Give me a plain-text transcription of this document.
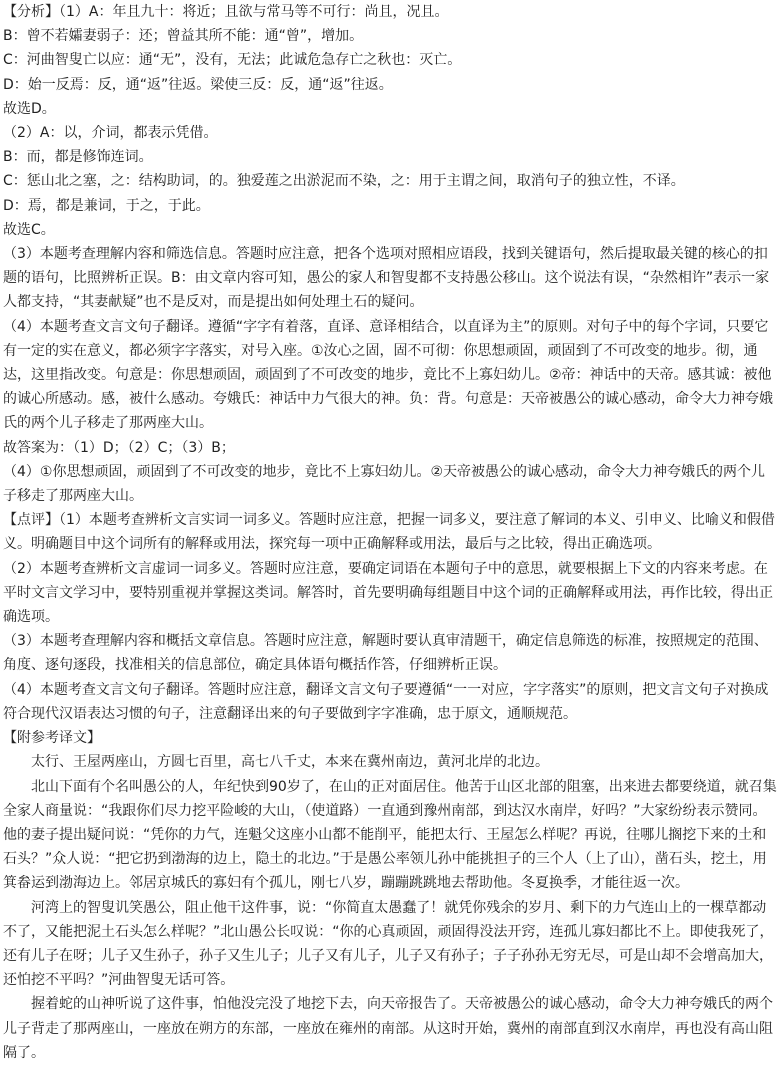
【分析】（1）A：年且九十：将近；且欲与常马等不可行：尚且，况且。
B：曾不若孀妻弱子：还；曾益其所不能：通“曾”，增加。
C：河曲智叟亡以应：通“无”，没有，无法；此诚危急存亡之秋也：灭亡。
D：始一反焉：反，通“返”往返。梁使三反：反，通“返”往返。
故选D。
（2）A：以，介词，都表示凭借。
B：而，都是修饰连词。
C：惩山北之塞，之：结构助词，的。独爱莲之出淤泥而不染，之：用于主谓之间，取消句子的独立性，不译。
D：焉，都是兼词，于之，于此。
故选C。
（3）本题考查理解内容和筛选信息。答题时应注意，把各个选项对照相应语段，找到关键语句，然后提取最关键的核心的扣题的语句，比照辨析正误。B：由文章内容可知，愚公的家人和智叟都不支持愚公移山。这个说法有误，“杂然相许”表示一家人都支持，“其妻献疑”也不是反对，而是提出如何处理土石的疑问。
（4）本题考查文言文句子翻译。遵循“字字有着落，直译、意译相结合，以直译为主”的原则。对句子中的每个字词，只要它有一定的实在意义，都必须字字落实，对号入座。①汝心之固，固不可彻：你思想顽固，顽固到了不可改变的地步。彻，通达，这里指改变。句意是：你思想顽固，顽固到了不可改变的地步，竟比不上寡妇幼儿。②帝：神话中的天帝。感其诚：被他的诚心所感动。感，被什么感动。夸娥氏：神话中力气很大的神。负：背。句意是：天帝被愚公的诚心感动，命令大力神夸娥氏的两个儿子移走了那两座大山。
故答案为：（1）D；（2）C；（3）B；
（4）①你思想顽固，顽固到了不可改变的地步，竟比不上寡妇幼儿。②天帝被愚公的诚心感动，命令大力神夸娥氏的两个儿子移走了那两座大山。
【点评】（1）本题考查辨析文言实词一词多义。答题时应注意，把握一词多义，要注意了解词的本义、引申义、比喻义和假借义。明确题目中这个词所有的解释或用法，探究每一项中正确解释或用法，最后与之比较，得出正确选项。
（2）本题考查辨析文言虚词一词多义。答题时应注意，要确定词语在本题句子中的意思，就要根据上下文的内容来考虑。在平时文言文学习中，要特别重视并掌握这类词。解答时，首先要明确每组题目中这个词的正确解释或用法，再作比较，得出正确选项。
（3）本题考查理解内容和概括文章信息。答题时应注意，解题时要认真审清题干，确定信息筛选的标准，按照规定的范围、角度、逐句逐段，找准相关的信息部位，确定具体语句概括作答，仔细辨析正误。
（4）本题考查文言文句子翻译。答题时应注意，翻译文言文句子要遵循“一一对应，字字落实”的原则，把文言文句子对换成符合现代汉语表达习惯的句子，注意翻译出来的句子要做到字字准确，忠于原文，通顺规范。
【附参考译文】
太行、王屋两座山，方圆七百里，高七八千丈，本来在冀州南边，黄河北岸的北边。
北山下面有个名叫愚公的人，年纪快到90岁了，在山的正对面居住。他苦于山区北部的阻塞，出来进去都要绕道，就召集全家人商量说：“我跟你们尽力挖平险峻的大山，（使道路）一直通到豫州南部，到达汉水南岸，好吗？”大家纷纷表示赞同。他的妻子提出疑问说：“凭你的力气，连魁父这座小山都不能削平，能把太行、王屋怎么样呢？再说，往哪儿搁挖下来的土和石头？”众人说：“把它扔到渤海的边上，隐土的北边。”于是愚公率领儿孙中能挑担子的三个人（上了山），凿石头，挖土，用箕畚运到渤海边上。邻居京城氏的寡妇有个孤儿，刚七八岁，蹦蹦跳跳地去帮助他。冬夏换季，才能往返一次。
河湾上的智叟讥笑愚公，阻止他干这件事，说：“你简直太愚蠢了！就凭你残余的岁月、剩下的力气连山上的一棵草都动不了，又能把泥土石头怎么样呢？”北山愚公长叹说：“你的心真顽固，顽固得没法开窍，连孤儿寡妇都比不上。即使我死了，还有儿子在呀；儿子又生孙子，孙子又生儿子；儿子又有儿子，儿子又有孙子；子子孙孙无穷无尽，可是山却不会增高加大，还怕挖不平吗？”河曲智叟无话可答。
握着蛇的山神听说了这件事，怕他没完没了地挖下去，向天帝报告了。天帝被愚公的诚心感动，命令大力神夸娥氏的两个儿子背走了那两座山，一座放在朔方的东部，一座放在雍州的南部。从这时开始，冀州的南部直到汉水南岸，再也没有高山阻隔了。
